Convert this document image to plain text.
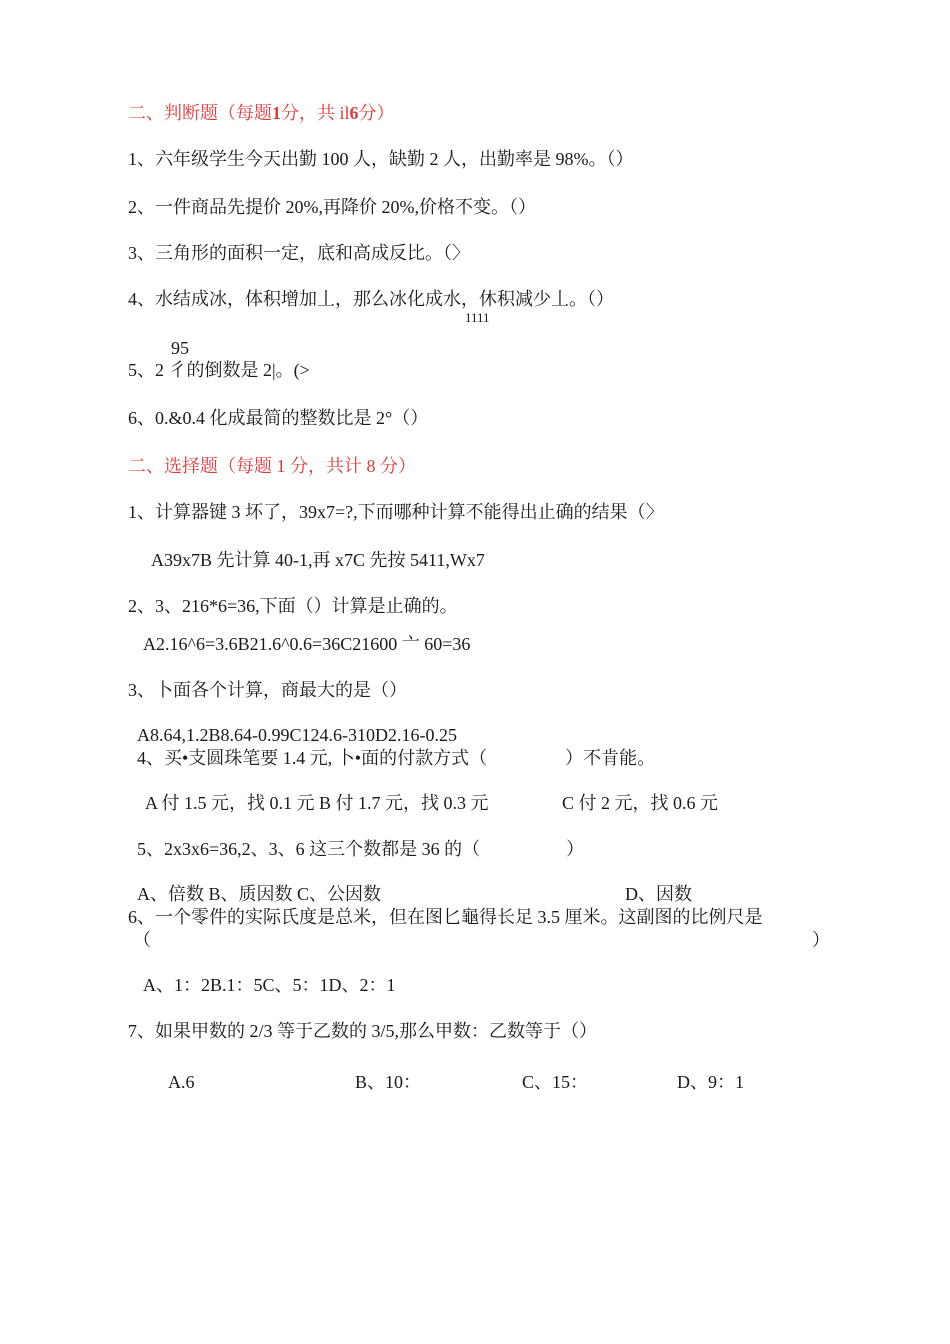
二、判断题（每题1分，共 il6分）
1、六年级学生今天出勤 100 人，缺勤 2 人，出勤率是 98%。（）
2、一件商品先提价 20%,再降价 20%,价格不变。（）
3、三角形的面积一定，底和高成反比。（〉
4、水结成冰，体积增加丄，那么冰化成水，休积减少丄。（）
1111
95
5、2 彳的倒数是 2|。(>
6、0.&0.4 化成最简的整数比是 2°（）
二、选择题（每题 1 分，共计 8 分）
1、计算器键 3 坏了，39x7=?,下而哪种计算不能得出止确的结果（〉
A39x7B 先计算 40-1,再 x7C 先按 5411,Wx7
2、3、216*6=36,下面（）计算是止确的。
A2.16^6=3.6B21.6^0.6=36C21600 亠 60=36
3、卜面各个计算，商最大的是（）
A8.64,1.2B8.64-0.99C124.6-310D2.16-0.25
4、买•支圆珠笔要 1.4 元, 卜•面的付款方式（	）不肯能。
A 付 1.5 元，找 0.1 元 B 付 1.7 元，找 0.3 元	C 付 2 元，找 0.6 元
5、2x3x6=36,2、3、6 这三个数都是 36 的（	）
A、倍数 B、质因数 C、公因数	D、因数
6、一个零件的实际氏度是总米，但在图匕龜得长足 3.5 厘米。这副图的比例尺是
（	）
A、1：2B.1：5C、5：1D、2：1
7、如果甲数的 2/3 等于乙数的 3/5,那么甲数：乙数等于（）
A.6	B、10：	C、15：	D、9：1
